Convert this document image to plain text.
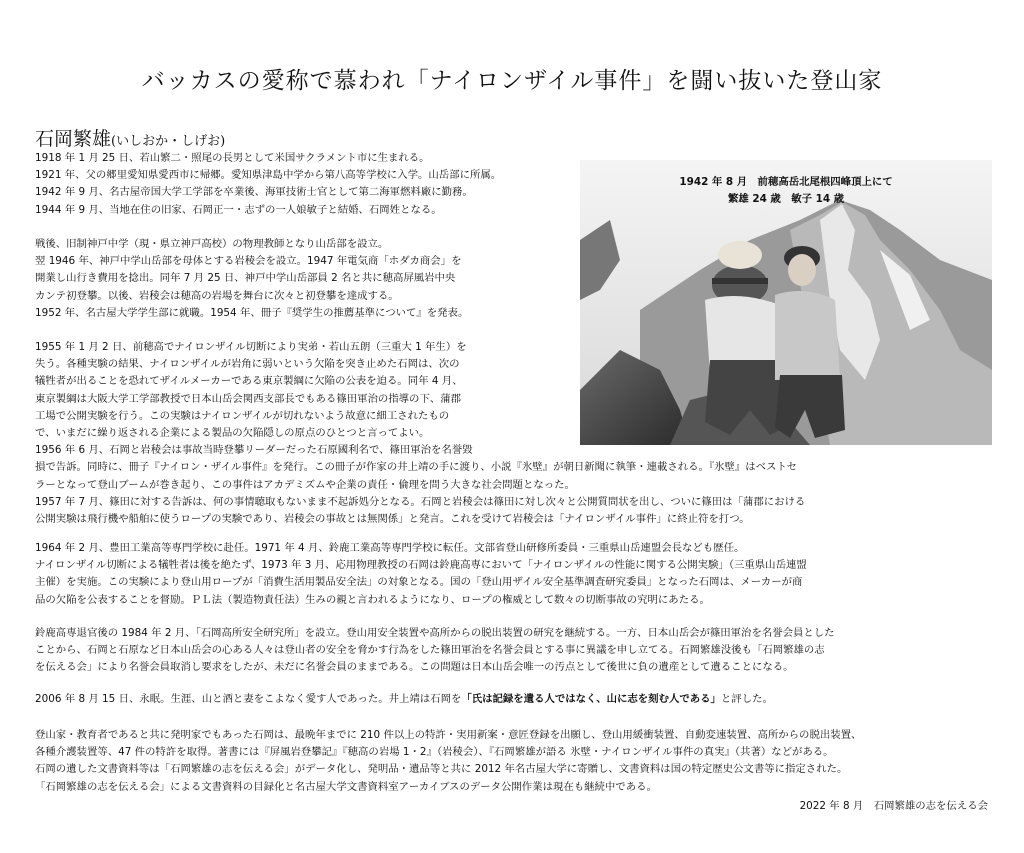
バッカスの愛称で慕われ「ナイロンザイル事件」を闘い抜いた登山家
石岡繁雄(いしおか・しげお)
1942 年 8 月　前穂高岳北尾根四峰頂上にて
繁雄 24 歳　敏子 14 歳
1918 年 1 月 25 日、若山繁二・照尾の長男として米国サクラメント市に生まれる。
1921 年、父の郷里愛知県愛西市に帰郷。愛知県津島中学から第八高等学校に入学。山岳部に所属。
1942 年 9 月、名古屋帝国大学工学部を卒業後、海軍技術士官として第二海軍燃料廠に勤務。
1944 年 9 月、当地在住の旧家、石岡正一・志ずの一人娘敏子と結婚、石岡姓となる。
戦後、旧制神戸中学（現・県立神戸高校）の物理教師となり山岳部を設立。
翌 1946 年、神戸中学山岳部を母体とする岩稜会を設立。1947 年電気商「ホダカ商会」を
開業し山行き費用を捻出。同年 7 月 25 日、神戸中学山岳部員 2 名と共に穂高屏風岩中央
カンテ初登攀。以後、岩稜会は穂高の岩場を舞台に次々と初登攀を達成する。
1952 年、名古屋大学学生部に就職。1954 年、冊子『奨学生の推薦基準について』を発表。
1955 年 1 月 2 日、前穂高でナイロンザイル切断により実弟・若山五朗（三重大 1 年生）を
失う。各種実験の結果、ナイロンザイルが岩角に弱いという欠陥を突き止めた石岡は、次の
犠牲者が出ることを恐れてザイルメーカーである東京製綱に欠陥の公表を迫る。同年 4 月、
東京製綱は大阪大学工学部教授で日本山岳会関西支部長でもある篠田軍治の指導の下、蒲郡
工場で公開実験を行う。この実験はナイロンザイルが切れないよう故意に細工されたもの
で、いまだに繰り返される企業による製品の欠陥隠しの原点のひとつと言ってよい。
1956 年 6 月、石岡と岩稜会は事故当時登攀リーダーだった石原國利名で、篠田軍治を名誉毀
損で告訴。同時に、冊子『ナイロン・ザイル事件』を発行。この冊子が作家の井上靖の手に渡り、小説『氷壁』が朝日新聞に執筆・連載される。『氷壁』はベストセ
ラーとなって登山ブームが巻き起り、この事件はアカデミズムや企業の責任・倫理を問う大きな社会問題となった。
1957 年 7 月、篠田に対する告訴は、何の事情聴取もないまま不起訴処分となる。石岡と岩稜会は篠田に対し次々と公開質問状を出し、ついに篠田は「蒲郡における
公開実験は飛行機や船舶に使うロープの実験であり、岩稜会の事故とは無関係」と発言。これを受けて岩稜会は「ナイロンザイル事件」に終止符を打つ。
1964 年 2 月、豊田工業高等専門学校に赴任。1971 年 4 月、鈴鹿工業高等専門学校に転任。文部省登山研修所委員・三重県山岳連盟会長なども歴任。
ナイロンザイル切断による犠牲者は後を絶たず、1973 年 3 月、応用物理教授の石岡は鈴鹿高専において「ナイロンザイルの性能に関する公開実験」（三重県山岳連盟
主催）を実施。この実験により登山用ロープが「消費生活用製品安全法」の対象となる。国の「登山用ザイル安全基準調査研究委員」となった石岡は、メーカーが商
品の欠陥を公表することを督励。ＰＬ法（製造物責任法）生みの親と言われるようになり、ロープの権威として数々の切断事故の究明にあたる。
鈴鹿高専退官後の 1984 年 2 月、「石岡高所安全研究所」を設立。登山用安全装置や高所からの脱出装置の研究を継続する。一方、日本山岳会が篠田軍治を名誉会員とした
ことから、石岡と石原など日本山岳会の心ある人々は登山者の安全を脅かす行為をした篠田軍治を名誉会員とする事に異議を申し立てる。石岡繁雄没後も「石岡繁雄の志
を伝える会」により名誉会員取消し要求をしたが、未だに名誉会員のままである。この問題は日本山岳会唯一の汚点として後世に負の遺産として遺ることになる。
2006 年 8 月 15 日、永眠。生涯、山と酒と妻をこよなく愛す人であった。井上靖は石岡を「氏は記録を遺る人ではなく、山に志を刻む人である」と評した。
登山家・教育者であると共に発明家でもあった石岡は、最晩年までに 210 件以上の特許・実用新案・意匠登録を出願し、登山用緩衝装置、自動変速装置、高所からの脱出装置、
各種介護装置等、47 件の特許を取得。著書には『屏風岩登攀記』『穂高の岩場 1・2』（岩稜会）、『石岡繁雄が語る 氷壁・ナイロンザイル事件の真実』（共著）などがある。
石岡の遺した文書資料等は「石岡繁雄の志を伝える会」がデータ化し、発明品・遺品等と共に 2012 年名古屋大学に寄贈し、文書資料は国の特定歴史公文書等に指定された。
「石岡繁雄の志を伝える会」による文書資料の目録化と名古屋大学文書資料室アーカイブスのデータ公開作業は現在も継続中である。
2022 年 8 月　石岡繁雄の志を伝える会
